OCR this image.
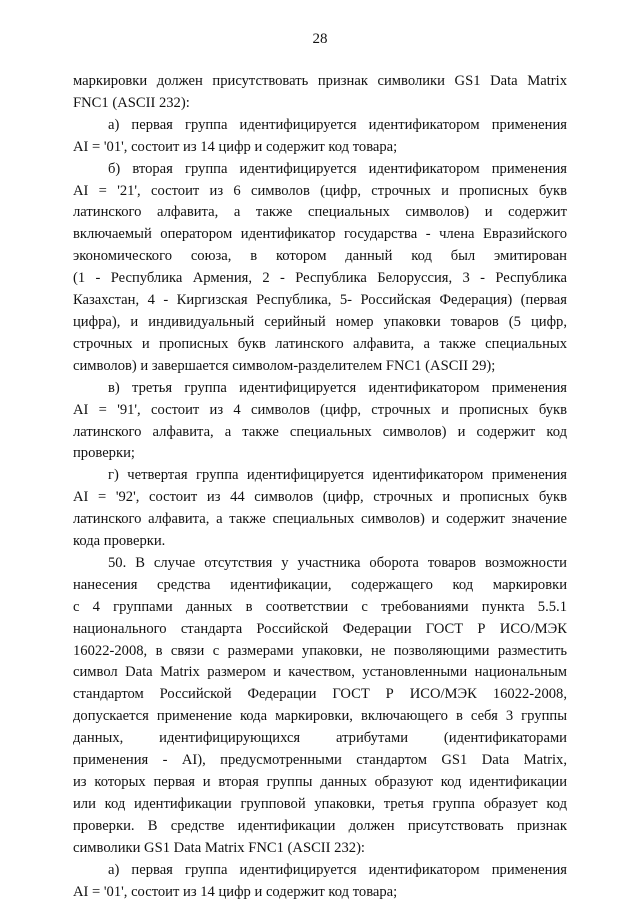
28
маркировки должен присутствовать признак символики GS1 Data Matrix
FNC1 (ASCII 232):
а) первая группа идентифицируется идентификатором применения
AI = '01', состоит из 14 цифр и содержит код товара;
б) вторая группа идентифицируется идентификатором применения
AI = '21', состоит из 6 символов (цифр, строчных и прописных букв
латинского алфавита, а также специальных символов) и содержит
включаемый оператором идентификатор государства - члена Евразийского
экономического союза, в котором данный код был эмитирован
(1 - Республика Армения, 2 - Республика Белоруссия, 3 - Республика
Казахстан, 4 - Киргизская Республика, 5- Российская Федерация) (первая
цифра), и индивидуальный серийный номер упаковки товаров (5 цифр,
строчных и прописных букв латинского алфавита, а также специальных
символов) и завершается символом-разделителем FNC1 (ASCII 29);
в) третья группа идентифицируется идентификатором применения
AI = '91', состоит из 4 символов (цифр, строчных и прописных букв
латинского алфавита, а также специальных символов) и содержит код
проверки;
г) четвертая группа идентифицируется идентификатором применения
AI = '92', состоит из 44 символов (цифр, строчных и прописных букв
латинского алфавита, а также специальных символов) и содержит значение
кода проверки.
50. В случае отсутствия у участника оборота товаров возможности
нанесения средства идентификации, содержащего код маркировки
с 4 группами данных в соответствии с требованиями пункта 5.5.1
национального стандарта Российской Федерации ГОСТ Р ИСО/МЭК
16022-2008, в связи с размерами упаковки, не позволяющими разместить
символ Data Matrix размером и качеством, установленными национальным
стандартом Российской Федерации ГОСТ Р ИСО/МЭК 16022-2008,
допускается применение кода маркировки, включающего в себя 3 группы
данных, идентифицирующихся атрибутами (идентификаторами
применения - AI), предусмотренными стандартом GS1 Data Matrix,
из которых первая и вторая группы данных образуют код идентификации
или код идентификации групповой упаковки, третья группа образует код
проверки. В средстве идентификации должен присутствовать признак
символики GS1 Data Matrix FNC1 (ASCII 232):
а) первая группа идентифицируется идентификатором применения
AI = '01', состоит из 14 цифр и содержит код товара;
